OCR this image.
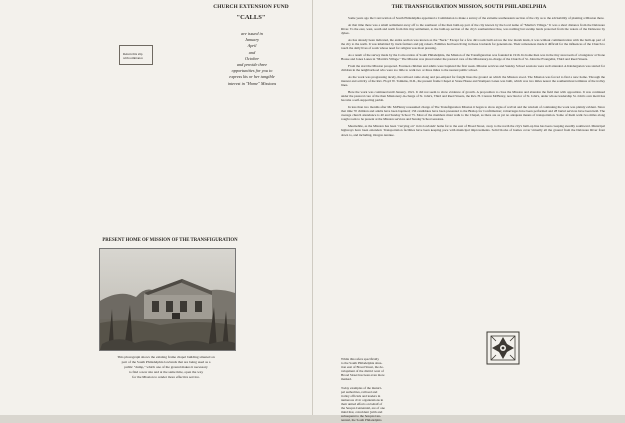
CHURCH EXTENSION FUND
"CALLS"
are issued in
January
April
and
October
and provide three
opportunities for you to
express kis or her tangible
interest in "Home" Missions
Return this slip
with remittance
PRESENT HOME OF MISSION OF THE TRANSFIGURATION
This photograph shows the existing frame chapel building situated on
part of the South Philadelphia lowlands that are being used as a
public "dump," which one of the ground makes it necessary
to find a new site and at the same time, open the way
for the Mission to render more effective service.
THE TRANSFIGURATION MISSION, SOUTH PHILADELPHIA

Some years ago the Convocation of South Philadelphia appointed a Commission to make a survey of the extreme southeastern section of the city as to the advisability of planting a Mission there.

At that time there was a small settlement away off to the southeast of the then built-up part of the city known by the local name of "Martin's Village." It was a short distance from the Delaware River. To the east, west, south and north from this tiny settlement, to the built-up section of the city's southernmost line, was nothing but swamp lands protected from the waters of the Delaware by dykes.

As has already been indicated, the entire section was known as the "Neck." Except for a few dirt roads built across the low marsh lands, it was without communication with the built-up part of the city to the north. It was inhabited by truck farmers and pig raisers. Families had been living in these lowlands for generations. Their remoteness made it difficult for the influences of the Church to touch the daily lives of souls whose need for religion was most pressing.

As a result of the survey made by the Convocation of South Philadelphia, the Mission of the Transfiguration was founded in 1916. Its home then was in the tiny storeroom of a bungalow at Stone House and Jones Lanes in "Martin's Village." The Mission was placed under the pastoral care of the Missionary-in-charge of the Church of St. John the Evangelist, Third and Reed Streets.

From the start the Mission prospered. Fourteen children and adults were baptized the first week. Mission services and Sunday School sessions were well attended. A Kindergarten was started for children in the neighborhood who were too little to walk two or three miles to the nearest public school.

As the work was progressing nicely, the railroad came along and pre-empted for freight lines the ground on which the Mission stood. The Mission was forced to find a new home. Through the interest and activity of the Rev. Floyd W. Tomkins, D.D., the present frame Chapel at Stone House and Stampers Lanes was built, which was two miles nearer the southernmost terminus of the trolley lines.

Here the work was continued until January, 1921. It did not seem to show evidence of growth. A proposition to close the Mission and abandon the field met with opposition. It was continued under the pastoral care of the then Missionary-in-charge of St. John's, Third and Reed Streets, the Rev. H. Creston McHenry, now Rector of St. John's, under whose leadership St. John's own merit has become a self-supporting parish.

In less than two months after Mr. McHenry reassumed charge of The Transfiguration Mission it began to show signs of revival and the wisdom of continuing the work was plainly evident. Since that time 70 children and adults have been baptized; 156 candidates have been presented to the Bishop for Confirmation; 4 marriages have been performed and 28 burial services have been held. The average church attendance is 40 and Sunday School 75. Most of the members must walk to the Chapel, as there are as yet no adequate means of transportation. Some of them walk two miles along rough roads to be present at the Mission services and Sunday School sessions.

Meanwhile, as the Mission has been "carrying on" in its lowlands' home far to the east of Broad Street, away to the north the city's built-up line has been creeping steadily southward. Municipal highways have been extended. Transportation facilities have been keeping pace with municipal improvements. Solid blocks of homes cover virtually all the ground from the Delaware River front down to, and including, Oregon Avenue.

While this refers specifically
to the South Philadelphia situa-
tion east of Broad Street, the de-
velopment of the district west of
Broad Street has been even more
marked.

Today examples of the munici-
pal authorities, railroad and
trolley officials and leaders in
numerous civic organizations in
their united efforts on behalf of
the Sesqui-Centennial, are of one
mind that, coincident [with and
subsequent to the Sesqui-Cen-
tennial, the South Philadelphia
